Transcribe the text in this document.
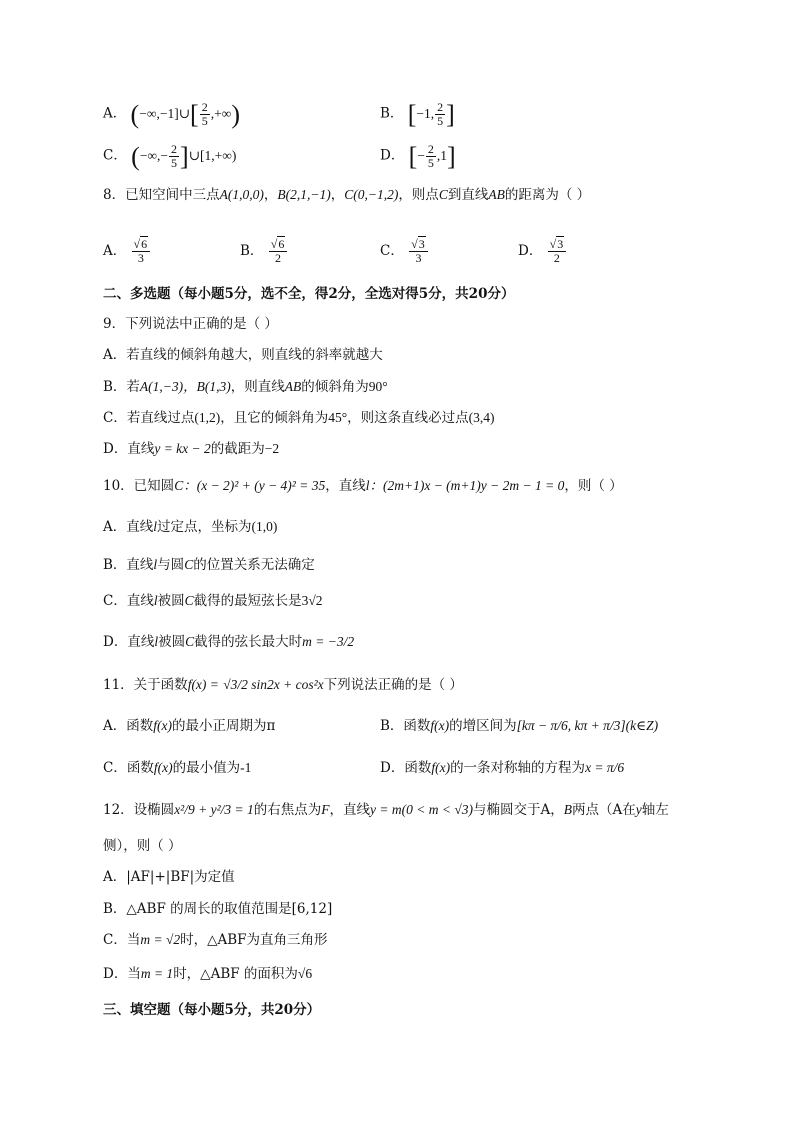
A． (−∞,−1]∪[ $\frac{2}{5}$ ,+∞)	B． [−1, $\frac{2}{5}$ ]
C． (−∞,− $\frac{2}{5}$ ]∪[1,+∞)	D． [− $\frac{2}{5} ,1$]
8．已知空间中三点A(1,0,0)，B(2,1,−1)，C(0,−1,2)，则点C到直线AB的距离为（ ）
A． $\frac{√6}{3}$	B． $\frac{√6}{2}$	C． $\frac{√3}{3}$	D． $\frac{√3}{2}$
二、多选题（每小题5分，选不全，得2分，全选对得5分，共20分）
9．下列说法中正确的是（ ）
A．若直线的倾斜角越大，则直线的斜率就越大
B．若A(1,−3)，B(1,3)，则直线AB的倾斜角为90°
C．若直线过点(1,2)，且它的倾斜角为45°，则这条直线必过点(3,4)
D．直线y = kx − 2的截距为−2
10．已知圆C：(x − 2)² + (y − 4)² = 35，直线l：(2m+1)x − (m+1)y − 2m − 1 = 0，则（ ）
A．直线l过定点，坐标为(1,0)
B．直线l与圆C的位置关系无法确定
C．直线l被圆C截得的最短弦长是3√2
D．直线l被圆C截得的弦长最大时m = −3/2
11．关于函数f(x) = √3/2 sin2x + cos²x下列说法正确的是（ ）
A．函数f(x)的最小正周期为π	B．函数f(x)的增区间为[kπ − π/6, kπ + π/3](k∈Z)
C．函数f(x)的最小值为-1	D．函数f(x)的一条对称轴的方程为x = π/6
12．设椭圆x²/9 + y²/3 = 1的右焦点为F，直线y = m(0 < m < √3)与椭圆交于A，B两点（A在y轴左
侧），则（ ）
A．|AF|+|BF|为定值
B．△ABF 的周长的取值范围是[6,12]
C．当m = √2时，△ABF为直角三角形
D．当m = 1时，△ABF 的面积为√6
三、填空题（每小题5分，共20分）
